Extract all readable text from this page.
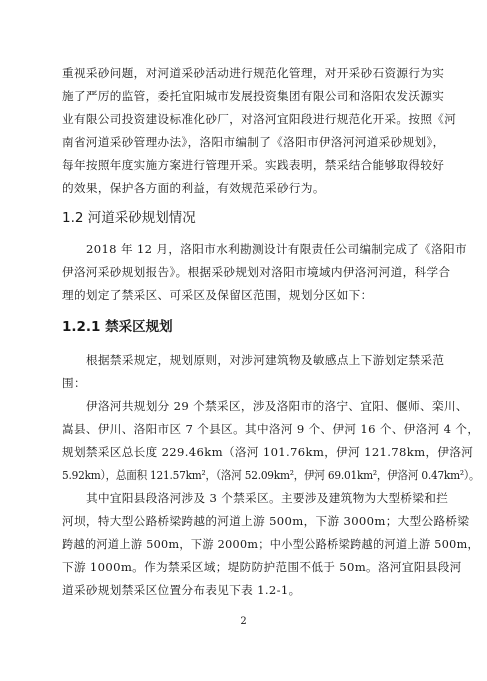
重视采砂问题，对河道采砂活动进行规范化管理，对开采砂石资源行为实
施了严厉的监管，委托宜阳城市发展投资集团有限公司和洛阳农发沃源实
业有限公司投资建设标准化砂厂，对洛河宜阳段进行规范化开采。按照《河
南省河道采砂管理办法》，洛阳市编制了《洛阳市伊洛河河道采砂规划》，
每年按照年度实施方案进行管理开采。实践表明，禁采结合能够取得较好
的效果，保护各方面的利益，有效规范采砂行为。
1.2 河道采砂规划情况
2018 年 12 月，洛阳市水利勘测设计有限责任公司编制完成了《洛阳市
伊洛河采砂规划报告》。根据采砂规划对洛阳市境域内伊洛河河道，科学合
理的划定了禁采区、可采区及保留区范围，规划分区如下：
1.2.1 禁采区规划
根据禁采规定，规划原则，对涉河建筑物及敏感点上下游划定禁采范
围：
伊洛河共规划分 29 个禁采区，涉及洛阳市的洛宁、宜阳、偃师、栾川、
嵩县、伊川、洛阳市区 7 个县区。其中洛河 9 个、伊河 16 个、伊洛河 4 个，
规划禁采区总长度 229.46km（洛河 101.76km，伊河 121.78km，伊洛河
5.92km），总面积 121.57km²，（洛河 52.09km²，伊河 69.01km²，伊洛河 0.47km²）。
其中宜阳县段洛河涉及 3 个禁采区。主要涉及建筑物为大型桥梁和拦
河坝，特大型公路桥梁跨越的河道上游 500m，下游 3000m；大型公路桥梁
跨越的河道上游 500m，下游 2000m；中小型公路桥梁跨越的河道上游 500m，
下游 1000m。作为禁采区域；堤防防护范围不低于 50m。洛河宜阳县段河
道采砂规划禁采区位置分布表见下表 1.2-1。
2
